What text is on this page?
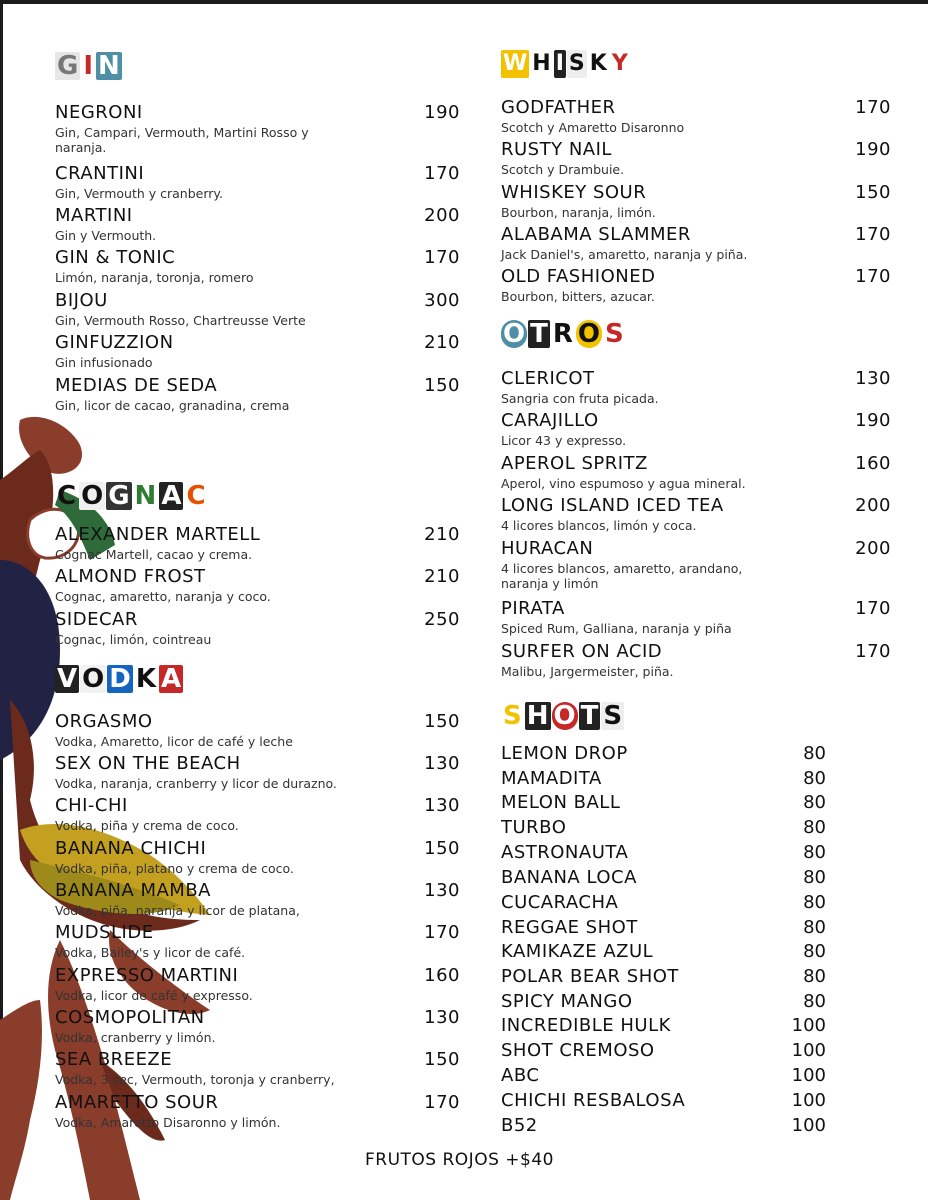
G I N
NEGRONI	190
Gin, Campari, Vermouth, Martini Rosso y naranja.
CRANTINI	170
Gin, Vermouth y cranberry.
MARTINI	200
Gin y Vermouth.
GIN & TONIC	170
Limón, naranja, toronja, romero
BIJOU	300
Gin, Vermouth Rosso, Chartreusse Verte
GINFUZZION	210
Gin infusionado
MEDIAS DE SEDA	150
Gin, licor de cacao, granadina, crema
C O G N A C
ALEXANDER MARTELL	210
Cognac Martell, cacao y crema.
ALMOND FROST	210
Cognac, amaretto, naranja y coco.
SIDECAR	250
Cognac, limón, cointreau
V O D K A
ORGASMO	150
Vodka, Amaretto, licor de café y leche
SEX ON THE BEACH	130
Vodka, naranja, cranberry y licor de durazno.
CHI-CHI	130
Vodka, piña y crema de coco.
BANANA CHICHI	150
Vodka, piña, platano y crema de coco.
BANANA MAMBA	130
Vodka, piña, naranja y licor de platana,
MUDSLIDE	170
Vodka, Bailey's y licor de café.
EXPRESSO MARTINI	160
Vodka, licor de café y expresso.
COSMOPOLITAN	130
Vodka, cranberry y limón.
SEA BREEZE	150
Vodka, 3 sec, Vermouth, toronja y cranberry,
AMARETTO SOUR	170
Vodka, Amaretto Disaronno y limón.
W H I S K Y
GODFATHER	170
Scotch y Amaretto Disaronno
RUSTY NAIL	190
Scotch y Drambuie.
WHISKEY SOUR	150
Bourbon, naranja, limón.
ALABAMA SLAMMER	170
Jack Daniel's, amaretto, naranja y piña.
OLD FASHIONED	170
Bourbon, bitters, azucar.
O T R O S
CLERICOT	130
Sangria con fruta picada.
CARAJILLO	190
Licor 43 y expresso.
APEROL SPRITZ	160
Aperol, vino espumoso y agua mineral.
LONG ISLAND ICED TEA	200
4 licores blancos, limón y coca.
HURACAN	200
4 licores blancos, amaretto, arandano, naranja y limón
PIRATA	170
Spiced Rum, Galliana, naranja y piña
SURFER ON ACID	170
Malibu, Jargermeister, piña.
S H O T S
LEMON DROP	80
MAMADITA	80
MELON BALL	80
TURBO	80
ASTRONAUTA	80
BANANA LOCA	80
CUCARACHA	80
REGGAE SHOT	80
KAMIKAZE AZUL	80
POLAR BEAR SHOT	80
SPICY MANGO	80
INCREDIBLE HULK	100
SHOT CREMOSO	100
ABC	100
CHICHI RESBALOSA	100
B52	100
FRUTOS ROJOS +$40
